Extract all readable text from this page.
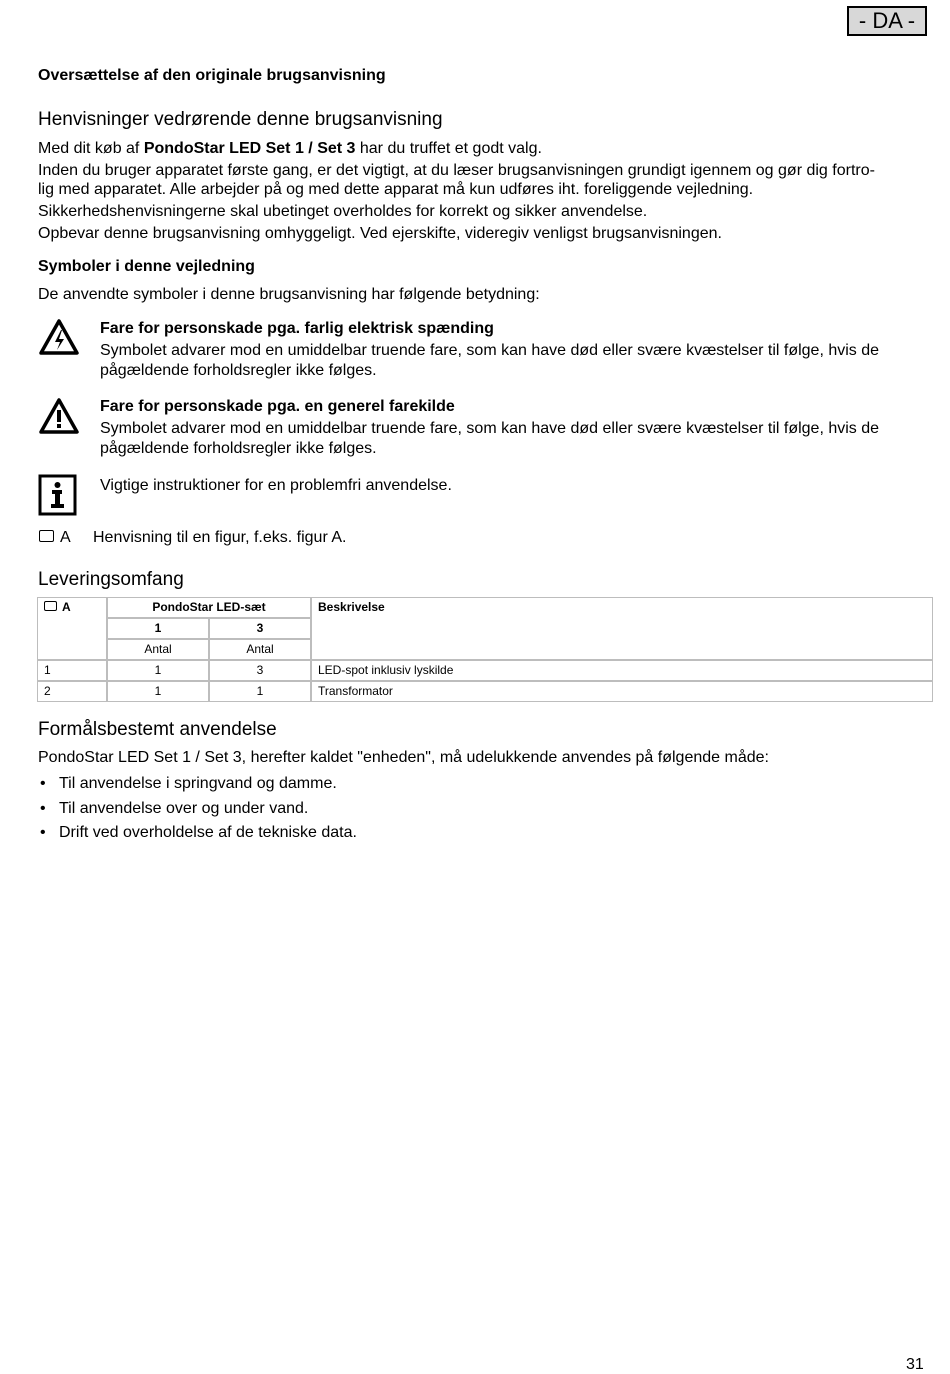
- DA -
Oversættelse af den originale brugsanvisning
Henvisninger vedrørende denne brugsanvisning
Med dit køb af PondoStar LED Set 1 / Set 3 har du truffet et godt valg.
Inden du bruger apparatet første gang, er det vigtigt, at du læser brugsanvisningen grundigt igennem og gør dig fortro-
lig med apparatet. Alle arbejder på og med dette apparat må kun udføres iht. foreliggende vejledning.
Sikkerhedshenvisningerne skal ubetinget overholdes for korrekt og sikker anvendelse.
Opbevar denne brugsanvisning omhyggeligt. Ved ejerskifte, videregiv venligst brugsanvisningen.
Symboler i denne vejledning
De anvendte symboler i denne brugsanvisning har følgende betydning:
Fare for personskade pga. farlig elektrisk spænding
Symbolet advarer mod en umiddelbar truende fare, som kan have død eller svære kvæstelser til følge, hvis de pågældende forholdsregler ikke følges.
Fare for personskade pga. en generel farekilde
Symbolet advarer mod en umiddelbar truende fare, som kan have død eller svære kvæstelser til følge, hvis de pågældende forholdsregler ikke følges.
Vigtige instruktioner for en problemfri anvendelse.
A Henvisning til en figur, f.eks. figur A.
Leveringsomfang
A	PondoStar LED-sæt		Beskrivelse
	1	3	
	Antal	Antal	
1	1	3	LED-spot inklusiv lyskilde
2	1	1	Transformator
Formålsbestemt anvendelse
PondoStar LED Set 1 / Set 3, herefter kaldet "enheden", må udelukkende anvendes på følgende måde:
• Til anvendelse i springvand og damme.
• Til anvendelse over og under vand.
• Drift ved overholdelse af de tekniske data.
31
